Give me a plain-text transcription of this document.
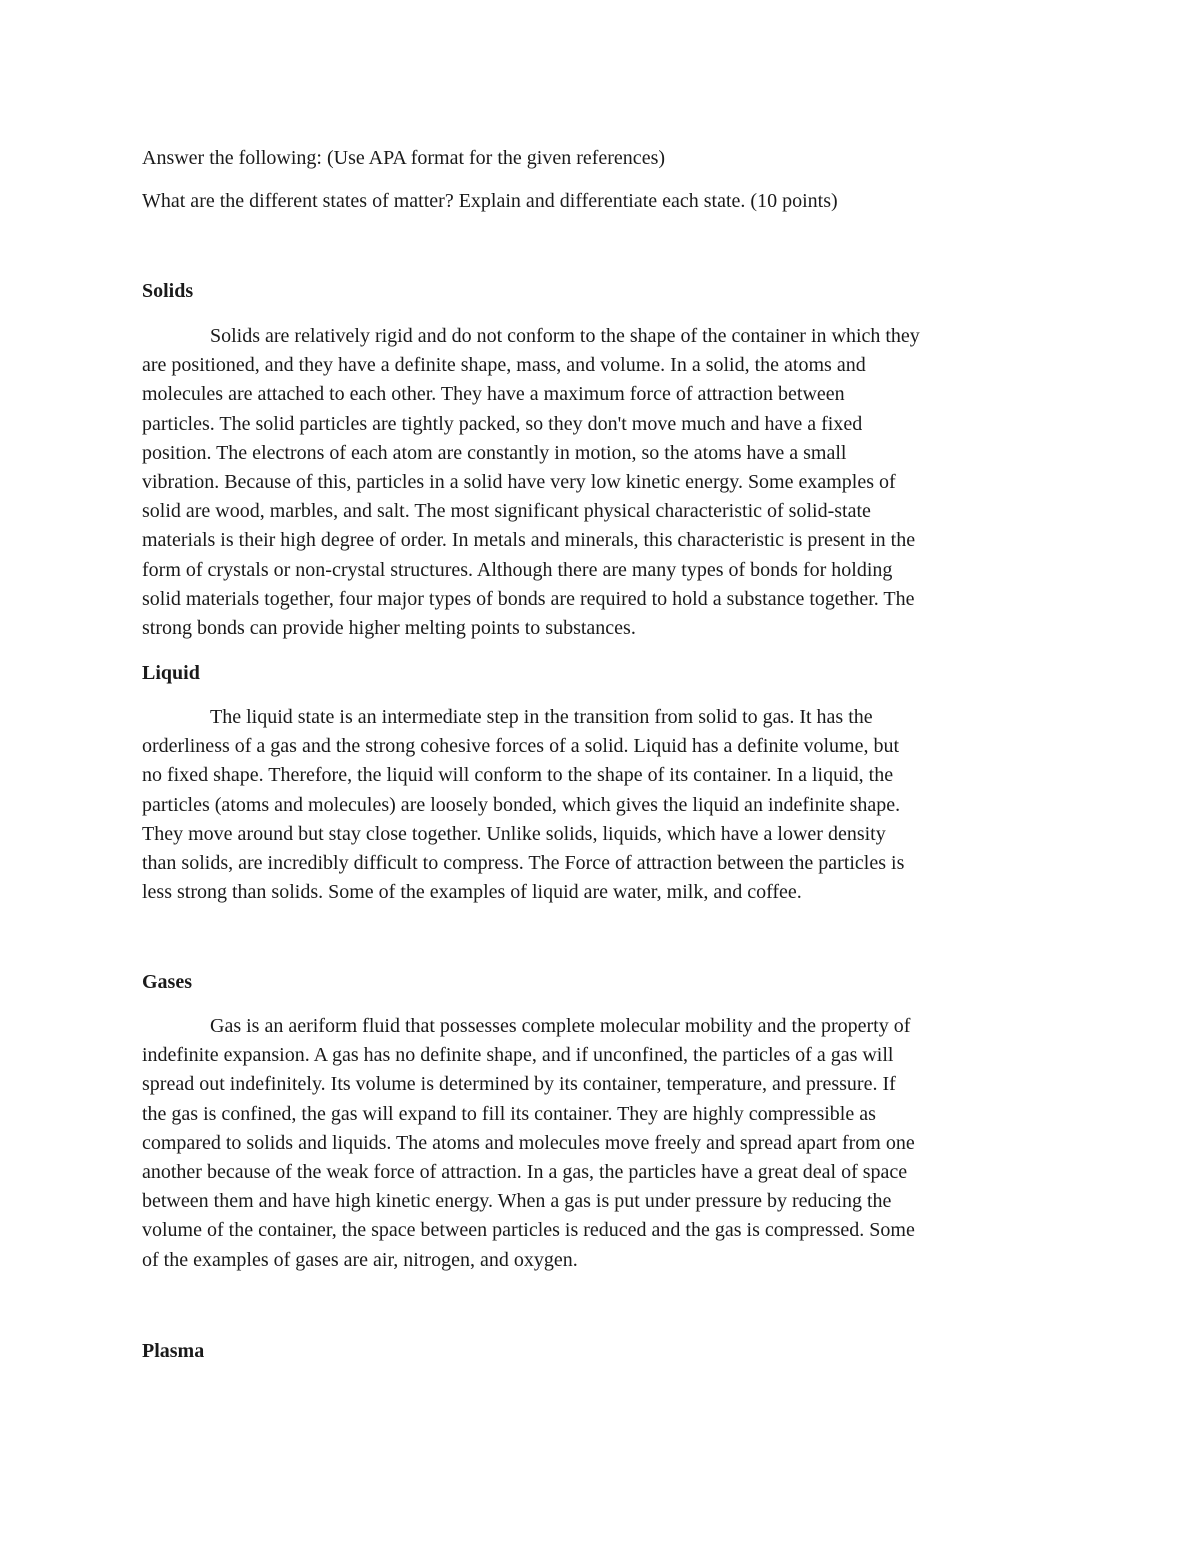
Answer the following: (Use APA format for the given references)
What are the different states of matter? Explain and differentiate each state. (10 points)
Solids
Solids are relatively rigid and do not conform to the shape of the container in which they
are positioned, and they have a definite shape, mass, and volume. In a solid, the atoms and
molecules are attached to each other. They have a maximum force of attraction between
particles. The solid particles are tightly packed, so they don't move much and have a fixed
position. The electrons of each atom are constantly in motion, so the atoms have a small
vibration. Because of this, particles in a solid have very low kinetic energy. Some examples of
solid are wood, marbles, and salt. The most significant physical characteristic of solid-state
materials is their high degree of order. In metals and minerals, this characteristic is present in the
form of crystals or non-crystal structures. Although there are many types of bonds for holding
solid materials together, four major types of bonds are required to hold a substance together. The
strong bonds can provide higher melting points to substances.
Liquid
The liquid state is an intermediate step in the transition from solid to gas. It has the
orderliness of a gas and the strong cohesive forces of a solid. Liquid has a definite volume, but
no fixed shape. Therefore, the liquid will conform to the shape of its container. In a liquid, the
particles (atoms and molecules) are loosely bonded, which gives the liquid an indefinite shape.
They move around but stay close together. Unlike solids, liquids, which have a lower density
than solids, are incredibly difficult to compress. The Force of attraction between the particles is
less strong than solids. Some of the examples of liquid are water, milk, and coffee.
Gases
Gas is an aeriform fluid that possesses complete molecular mobility and the property of
indefinite expansion. A gas has no definite shape, and if unconfined, the particles of a gas will
spread out indefinitely. Its volume is determined by its container, temperature, and pressure. If
the gas is confined, the gas will expand to fill its container. They are highly compressible as
compared to solids and liquids. The atoms and molecules move freely and spread apart from one
another because of the weak force of attraction. In a gas, the particles have a great deal of space
between them and have high kinetic energy. When a gas is put under pressure by reducing the
volume of the container, the space between particles is reduced and the gas is compressed. Some
of the examples of gases are air, nitrogen, and oxygen.
Plasma
